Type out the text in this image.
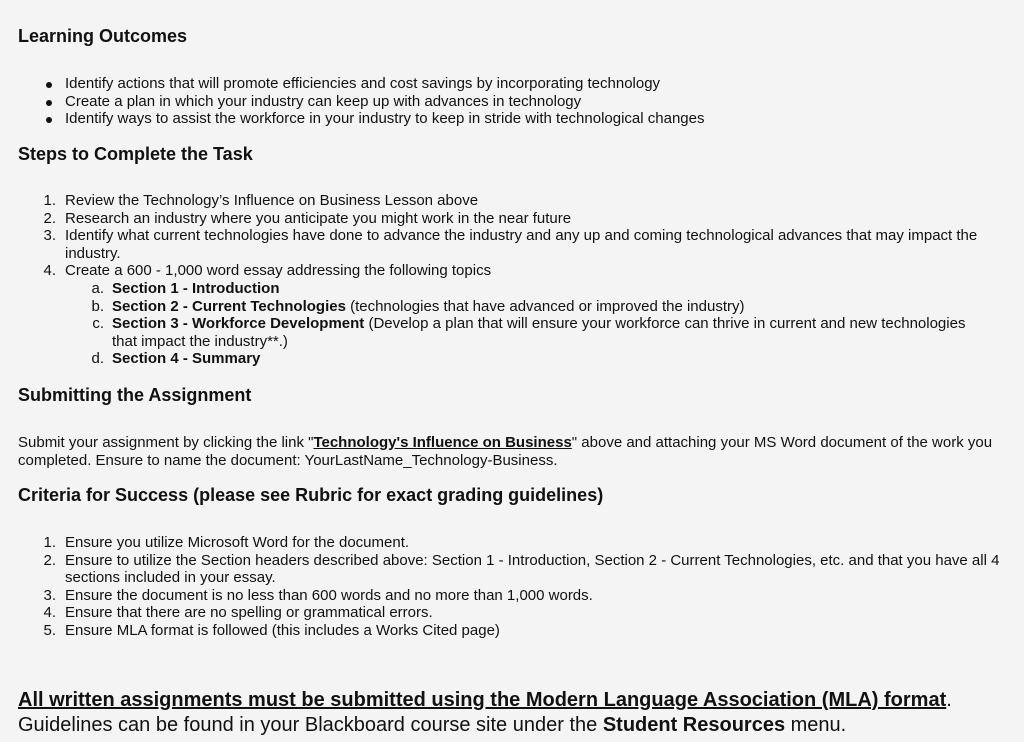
Learning Outcomes
Identify actions that will promote efficiencies and cost savings by incorporating technology
Create a plan in which your industry can keep up with advances in technology
Identify ways to assist the workforce in your industry to keep in stride with technological changes
Steps to Complete the Task
1. Review the Technology’s Influence on Business Lesson above
2. Research an industry where you anticipate you might work in the near future
3. Identify what current technologies have done to advance the industry and any up and coming technological advances that may impact the industry.
4. Create a 600 - 1,000 word essay addressing the following topics
a. Section 1 - Introduction
b. Section 2 - Current Technologies (technologies that have advanced or improved the industry)
c. Section 3 - Workforce Development (Develop a plan that will ensure your workforce can thrive in current and new technologies that impact the industry**.)
d. Section 4 - Summary
Submitting the Assignment

Submit your assignment by clicking the link "Technology's Influence on Business" above and attaching your MS Word document of the work you completed. Ensure to name the document: YourLastName_Technology-Business.

Criteria for Success (please see Rubric for exact grading guidelines)
1. Ensure you utilize Microsoft Word for the document.
2. Ensure to utilize the Section headers described above: Section 1 - Introduction, Section 2 - Current Technologies, etc. and that you have all 4 sections included in your essay.
3. Ensure the document is no less than 600 words and no more than 1,000 words.
4. Ensure that there are no spelling or grammatical errors.
5. Ensure MLA format is followed (this includes a Works Cited page)

All written assignments must be submitted using the Modern Language Association (MLA) format. Guidelines can be found in your Blackboard course site under the Student Resources menu.
